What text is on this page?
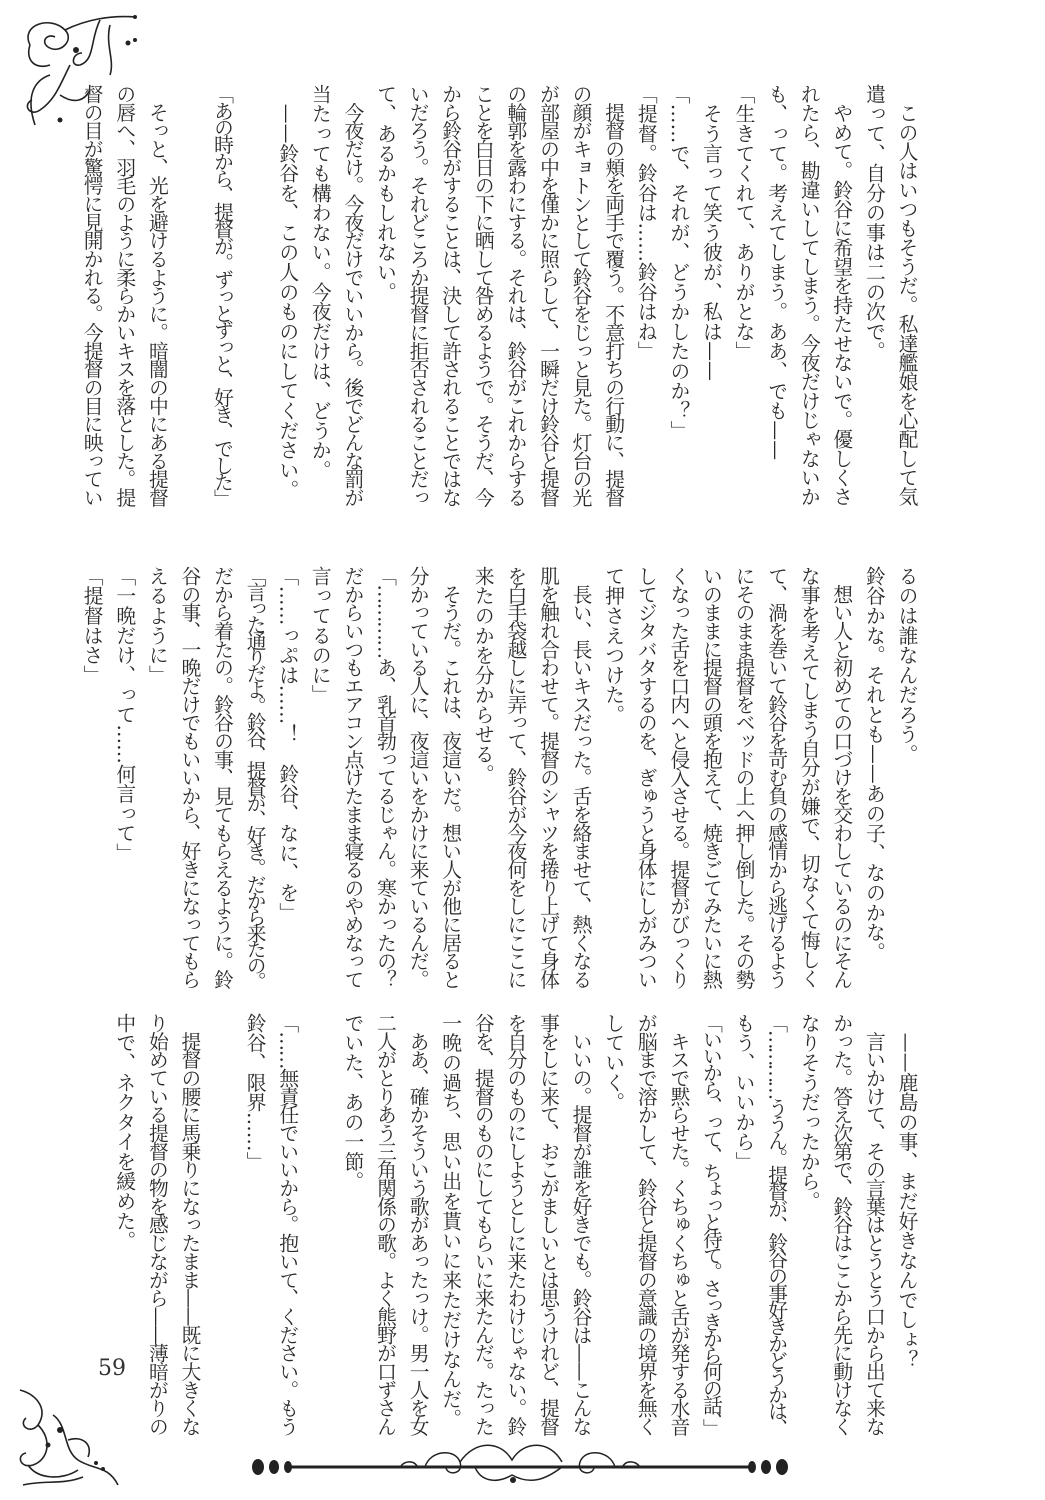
59
　この人はいつもそうだ。私達艦娘を心配して気
遣って、自分の事は二の次で。
　やめて。鈴谷に希望を持たせないで。優しくさ
れたら、勘違いしてしまう。今夜だけじゃないか
も、って。考えてしまう。ああ、でも——
「生きてくれて、ありがとな」
　そう言って笑う彼が、私は——
「……で、それが、どうかしたのか？」
「提督。鈴谷は……鈴谷はね」
　提督の頬を両手で覆う。不意打ちの行動に、提督
の顔がキョトンとして鈴谷をじっと見た。灯台の光
が部屋の中を僅かに照らして、一瞬だけ鈴谷と提督
の輪郭を露わにする。それは、鈴谷がこれからする
ことを白日の下に晒して咎めるようで。そうだ、今
から鈴谷がすることは、決して許されることではな
いだろう。それどころか提督に拒否されることだっ
て、あるかもしれない。
　今夜だけ。今夜だけでいいから。後でどんな罰が
当たっても構わない。今夜だけは、どうか。
　——鈴谷を、この人のものにしてください。

「あの時から、提督が。ずっとずっと、好き、でした」

　そっと、光を避けるように。暗闇の中にある提督
の唇へ、羽毛のように柔らかいキスを落とした。提
督の目が驚愕に見開かれる。今提督の目に映ってい
るのは誰なんだろう。
鈴谷かな。それとも——あの子、なのかな。
　想い人と初めての口づけを交わしているのにそん
な事を考えてしまう自分が嫌で、切なくて悔しく
て、渦を巻いて鈴谷を苛む負の感情から逃げるよう
にそのまま提督をベッドの上へ押し倒した。その勢
いのままに提督の頭を抱えて、焼きごてみたいに熱
くなった舌を口内へと侵入させる。提督がびっくり
してジタバタするのを、ぎゅうと身体にしがみつい
て押さえつけた。
　長い、長いキスだった。舌を絡ませて、熱くなる
肌を触れ合わせて。提督のシャツを捲り上げて身体
を白手袋越しに弄って、鈴谷が今夜何をしにここに
来たのかを分からせる。
　そうだ。これは、夜這いだ。想い人が他に居ると
分かっている人に、夜這いをかけに来ているんだ。
「…………あ、乳首勃ってるじゃん。寒かったの？
だからいつもエアコン点けたまま寝るのやめなって
言ってるのに」
「……っぷは……！　鈴谷、なに、を」
「言った通りだよ。鈴谷、提督が、好き。だから来たの。
だから着たの。鈴谷の事、見てもらえるように。鈴
谷の事、一晩だけでもいいから、好きになってもら
えるように」
「一晩だけ、って……何言って」
「提督はさ」
　——鹿島の事、まだ好きなんでしょ？
　言いかけて、その言葉はとうとう口から出て来な
かった。答え次第で、鈴谷はここから先に動けなく
なりそうだったから。
「…………ううん。提督が、鈴谷の事好きかどうかは、
もう、いいから」
「いいから、って、ちょっと待て。さっきから何の話、」
　キスで黙らせた。くちゅくちゅと舌が発する水音
が脳まで溶かして、鈴谷と提督の意識の境界を無く
していく。
　いいの。提督が誰を好きでも。鈴谷は——こんな
事をしに来て、おこがましいとは思うけれど、提督
を自分のものにしようとしに来たわけじゃない。鈴
谷を、提督のものにしてもらいに来たんだ。たった
一晩の過ち、思い出を貰いに来ただけなんだ。
　ああ、確かそういう歌があったっけ。男一人を女
二人がとりあう三角関係の歌。よく熊野が口ずさん
でいた、あの一節。

「……無責任でいいから。抱いて、ください。もう
鈴谷、限界……」

　提督の腰に馬乗りになったまま——既に大きくな
り始めている提督の物を感じながら——薄暗がりの
中で、ネクタイを緩めた。
